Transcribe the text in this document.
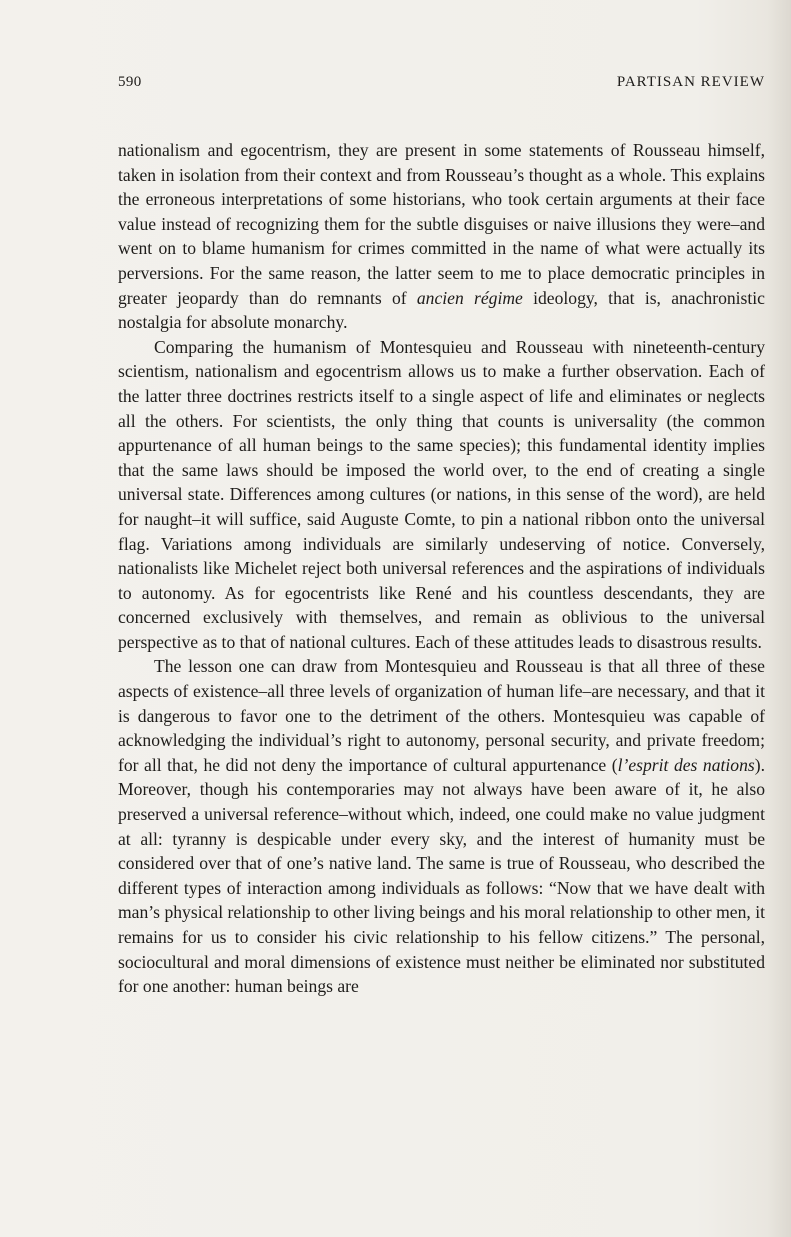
590	PARTISAN REVIEW

nationalism and egocentrism, they are present in some statements of Rousseau himself, taken in isolation from their context and from Rousseau’s thought as a whole. This explains the erroneous interpretations of some historians, who took certain arguments at their face value instead of recognizing them for the subtle disguises or naive illusions they were–and went on to blame humanism for crimes committed in the name of what were actually its perversions. For the same reason, the latter seem to me to place democratic principles in greater jeopardy than do remnants of ancien régime ideology, that is, anachronistic nostalgia for absolute monarchy.

Comparing the humanism of Montesquieu and Rousseau with nineteenth-century scientism, nationalism and egocentrism allows us to make a further observation. Each of the latter three doctrines restricts itself to a single aspect of life and eliminates or neglects all the others. For scientists, the only thing that counts is universality (the common appurtenance of all human beings to the same species); this fundamental identity implies that the same laws should be imposed the world over, to the end of creating a single universal state. Differences among cultures (or nations, in this sense of the word), are held for naught–it will suffice, said Auguste Comte, to pin a national ribbon onto the universal flag. Variations among individuals are similarly undeserving of notice. Conversely, nationalists like Michelet reject both universal references and the aspirations of individuals to autonomy. As for egocentrists like René and his countless descendants, they are concerned exclusively with themselves, and remain as oblivious to the universal perspective as to that of national cultures. Each of these attitudes leads to disastrous results.

The lesson one can draw from Montesquieu and Rousseau is that all three of these aspects of existence–all three levels of organization of human life–are necessary, and that it is dangerous to favor one to the detriment of the others. Montesquieu was capable of acknowledging the individual’s right to autonomy, personal security, and private freedom; for all that, he did not deny the importance of cultural appurtenance (l’esprit des nations). Moreover, though his contemporaries may not always have been aware of it, he also preserved a universal reference–without which, indeed, one could make no value judgment at all: tyranny is despicable under every sky, and the interest of humanity must be considered over that of one’s native land. The same is true of Rousseau, who described the different types of interaction among individuals as follows: “Now that we have dealt with man’s physical relationship to other living beings and his moral relationship to other men, it remains for us to consider his civic relationship to his fellow citizens.” The personal, sociocultural and moral dimensions of existence must neither be eliminated nor substituted for one another: human beings are
